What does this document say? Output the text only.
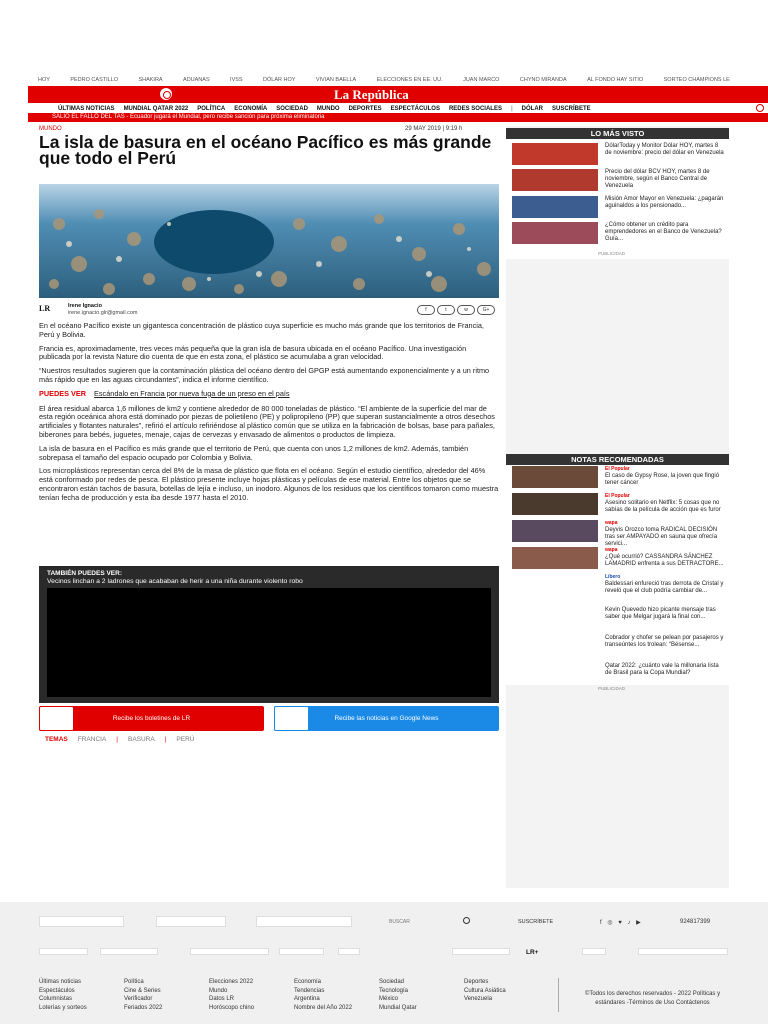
HOY	PEDRO CASTILLO	SHAKIRA	ADUANAS	IVSS	DÓLAR HOY	VIVIAN BAELLA	ELECCIONES EN EE. UU.	JUAN MARCO	CHYNO MIRANDA	AL FONDO HAY SITIO	SORTEO CHAMPIONS LE
La República
ÚLTIMAS NOTICIAS MUNDIAL QATAR 2022 POLÍTICA ECONOMÍA SOCIEDAD MUNDO DEPORTES ESPECTÁCULOS REDES SOCIALES | DÓLAR SUSCRÍBETE
SALIÓ EL FALLO DEL TAS - Ecuador jugará el Mundial, pero recibe sanción para próxima eliminatoria
MUNDO	29 MAY 2019 | 9:19 h
La isla de basura en el océano Pacífico es más grande que todo el Perú
LR	Irene Ignacio
irene.ignacio.glr@gmail.com	f	t	w	G+

En el océano Pacífico existe un gigantesca concentración de plástico cuya superficie es mucho más grande que los territorios de Francia, Perú y Bolivia.

Francia es, aproximadamente, tres veces más pequeña que la gran isla de basura ubicada en el océano Pacífico. Una investigación publicada por la revista Nature dio cuenta de que en esta zona, el plástico se acumulaba a gran velocidad.

“Nuestros resultados sugieren que la contaminación plástica del océano dentro del GPGP está aumentando exponencialmente y a un ritmo más rápido que en las aguas circundantes”, indica el informe científico.

PUEDES VER Escándalo en Francia por nueva fuga de un preso en el país

El área residual abarca 1,6 millones de km2 y contiene alrededor de 80 000 toneladas de plástico. “El ambiente de la superficie del mar de esta región oceánica ahora está dominado por piezas de polietileno (PE) y polipropileno (PP) que superan sustancialmente a otros desechos artificiales y flotantes naturales”, refirió el artículo refiriéndose al plástico común que se utiliza en la fabricación de bolsas, base para pañales, biberones para bebés, juguetes, menaje, cajas de cervezas y envasado de alimentos o productos de limpieza.

La isla de basura en el Pacífico es más grande que el territorio de Perú, que cuenta con unos 1,2 millones de km2. Además, también sobrepasa el tamaño del espacio ocupado por Colombia y Bolivia.

Los microplásticos representan cerca del 8% de la masa de plástico que flota en el océano. Según el estudio científico, alrededor del 46% está conformado por redes de pesca. El plástico presente incluye hojas plásticas y películas de ese material. Entre los objetos que se encontraron están tachos de basura, botellas de lejía e incluso, un inodoro. Algunos de los residuos que los científicos tomaron como muestra tenían fecha de producción y esta iba desde 1977 hasta el 2010.

TAMBIÉN PUEDES VER:
Vecinos linchan a 2 ladrones que acababan de herir a una niña durante violento robo
Recibe los boletines de LR	Recibe las noticias en Google News
TEMAS FRANCIA | BASURA | PERÚ
LO MÁS VISTO
DólarToday y Monitor Dólar HOY, martes 8 de noviembre: precio del dólar en Venezuela
Precio del dólar BCV HOY, martes 8 de noviembre, según el Banco Central de Venezuela
Misión Amor Mayor en Venezuela: ¿pagarán aguinaldos a los pensionado...
¿Cómo obtener un crédito para emprendedores en el Banco de Venezuela? Guía...
PUBLICIDAD
NOTAS RECOMENDADAS
El Popular
El caso de Gypsy Rose, la joven que fingió tener cáncer
El Popular
Asesino solitario en Netflix: 5 cosas que no sabías de la película de acción que es furor
wapa
Deyvis Orozco toma RADICAL DECISIÓN tras ser AMPAYADO en sauna que ofrecía servici...
wapa
¿Qué ocurrió? CASSANDRA SÁNCHEZ LAMADRID enfrenta a sus DETRACTORE...
Líbero
Baldessari enfureció tras derrota de Cristal y reveló que el club podría cambiar de...
Kevin Quevedo hizo picante mensaje tras saber que Melgar jugará la final con...
Cobrador y chofer se pelean por pasajeros y transeúntes los trolean: “Bésense...
Qatar 2022: ¿cuánto vale la millonaria lista de Brasil para la Copa Mundial?
PUBLICIDAD
BUSCAR	SUSCRÍBETE	f ◎ ♥ ♪ ▶	924817399
LR+
Últimas noticias
Espectáculos
Columnistas
Loterías y sorteos
Política
Cine & Series
Verificador
Feriados 2022
Elecciones 2022
Mundo
Datos LR
Horóscopo chino
Economía
Tendencias
Argentina
Nombre del Año 2022
Sociedad
Tecnología
México
Mundial Qatar
Deportes
Cultura Asiática
Venezuela
©Todos los derechos reservados - 2022 Políticas y estándares -Términos de Uso Contáctenos
